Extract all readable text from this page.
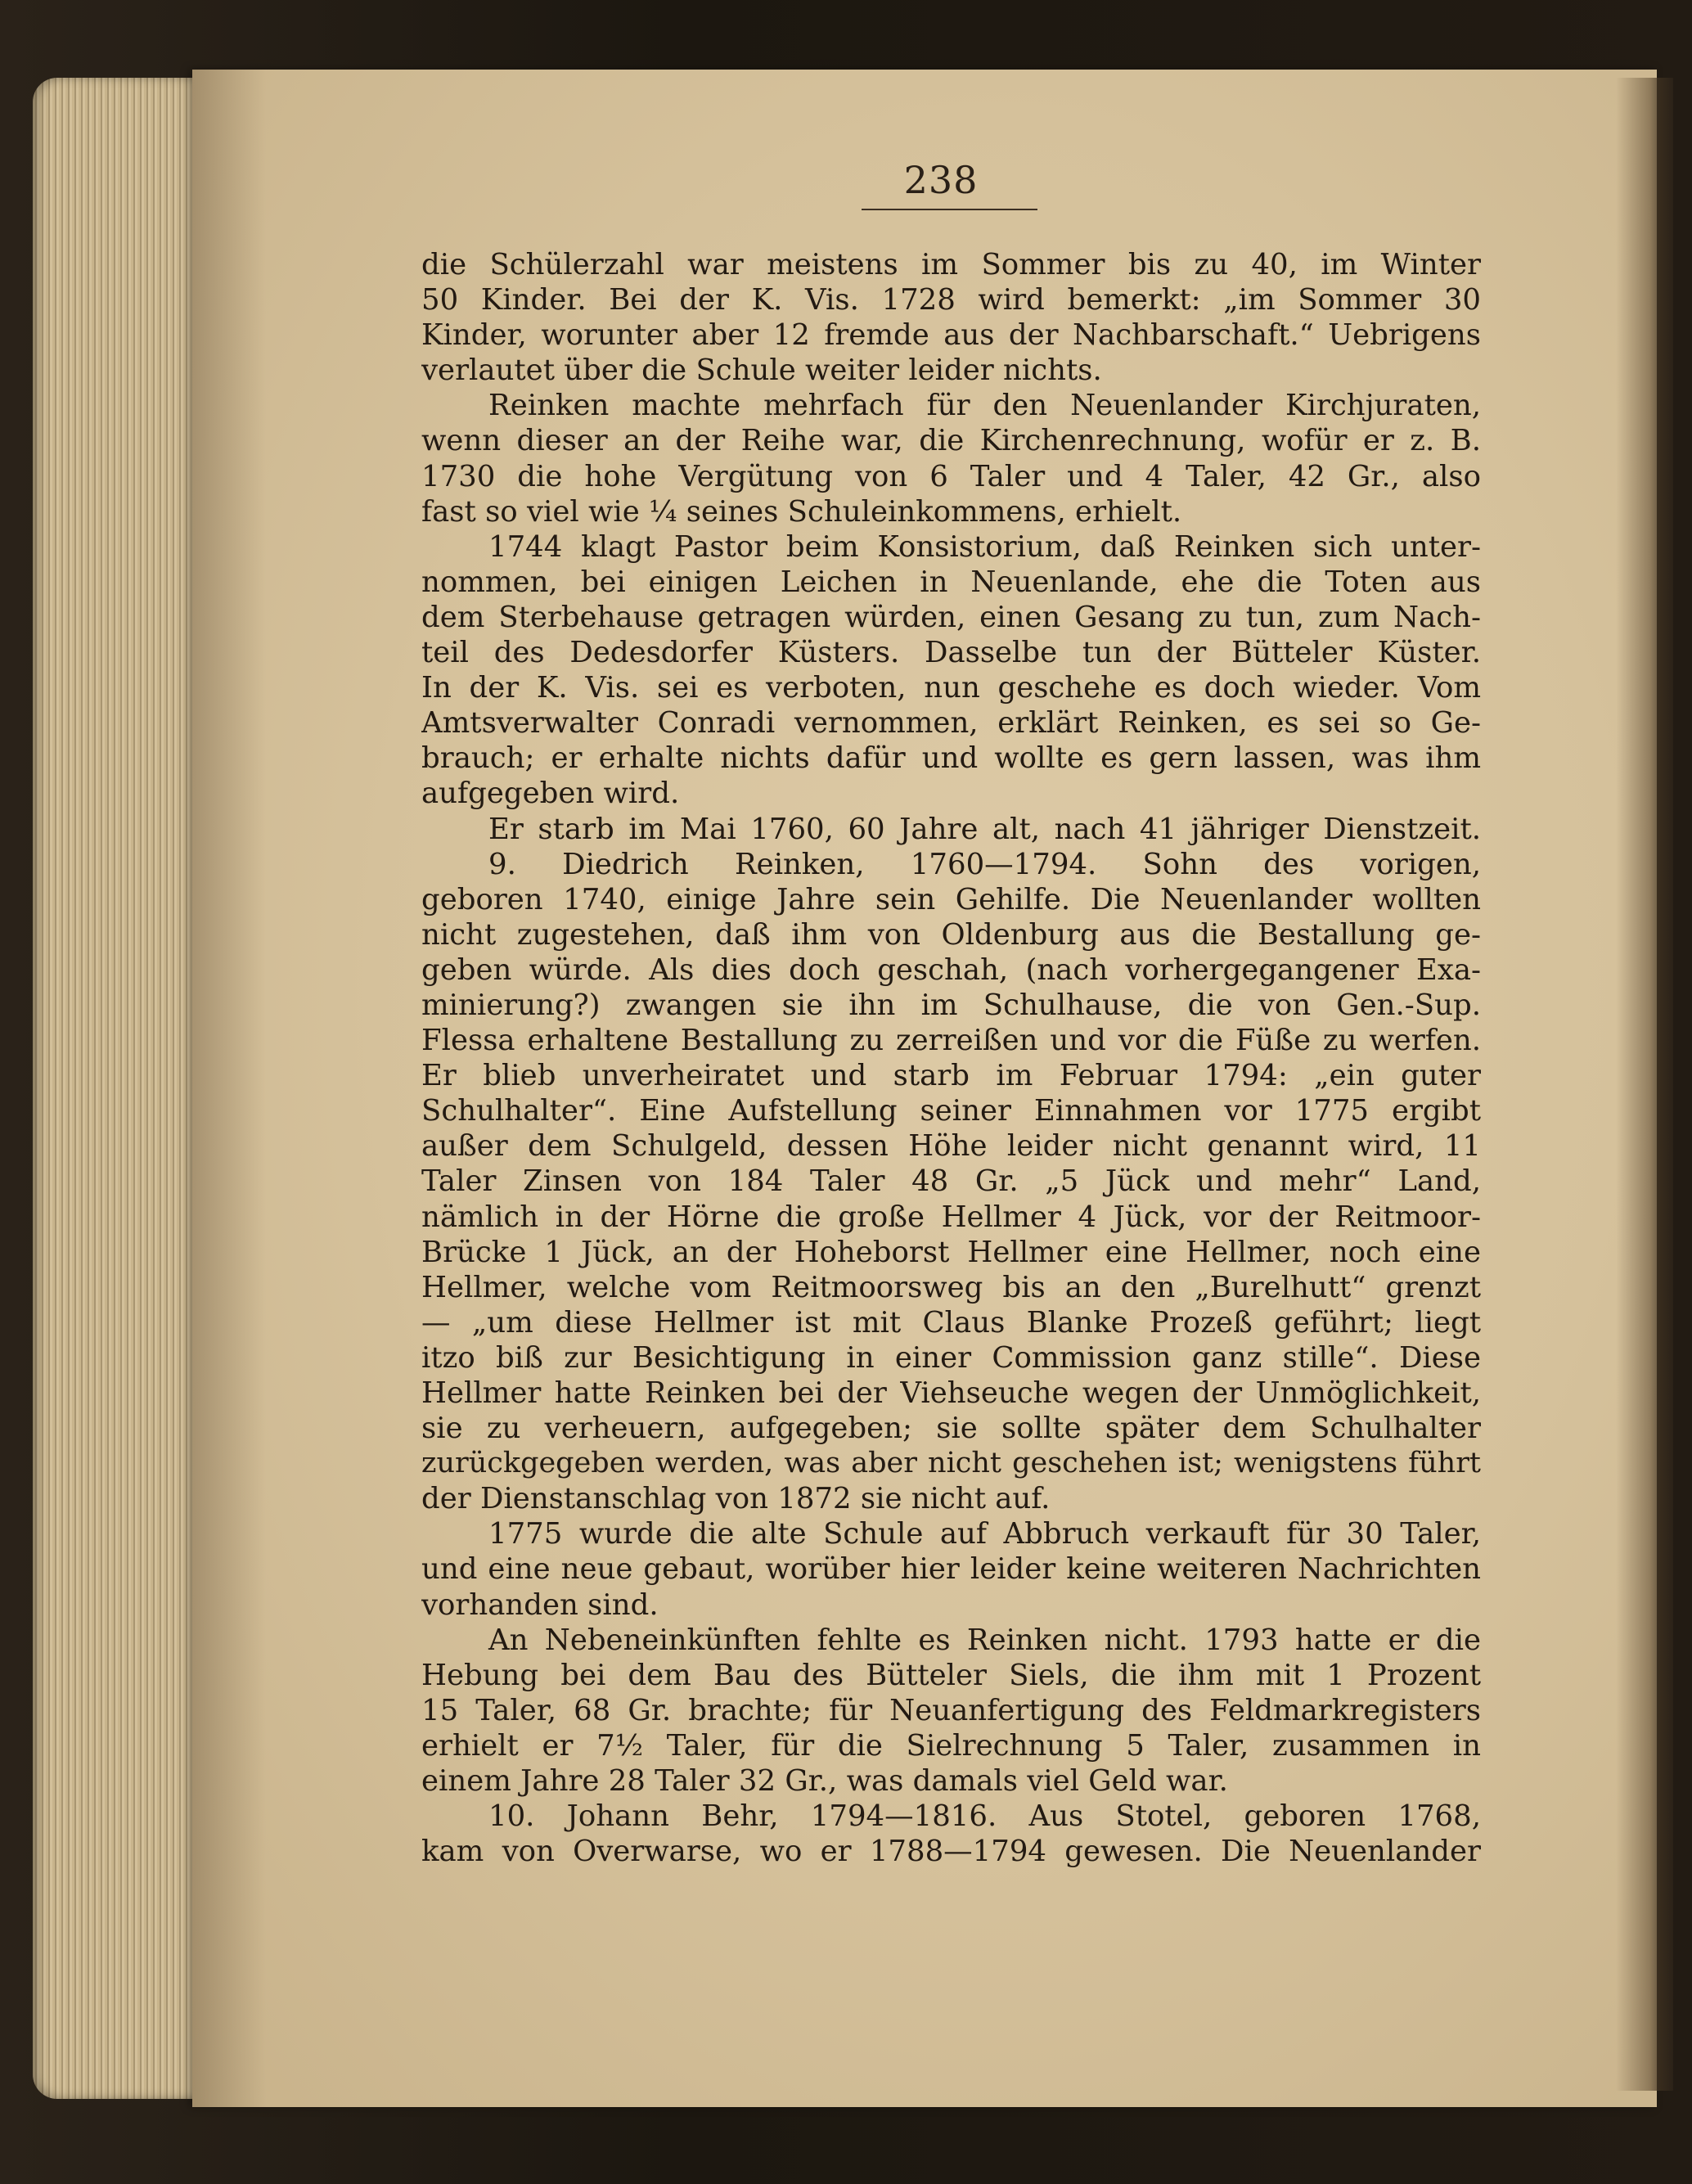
238
die Schülerzahl war meistens im Sommer bis zu 40, im Winter
50 Kinder. Bei der K. Vis. 1728 wird bemerkt: „im Sommer 30
Kinder, worunter aber 12 fremde aus der Nachbarschaft.“ Uebrigens
verlautet über die Schule weiter leider nichts.
Reinken machte mehrfach für den Neuenlander Kirchjuraten,
wenn dieser an der Reihe war, die Kirchenrechnung, wofür er z. B.
1730 die hohe Vergütung von 6 Taler und 4 Taler, 42 Gr., also
fast so viel wie ¼ seines Schuleinkommens, erhielt.
1744 klagt Pastor beim Konsistorium, daß Reinken sich unter-
nommen, bei einigen Leichen in Neuenlande, ehe die Toten aus
dem Sterbehause getragen würden, einen Gesang zu tun, zum Nach-
teil des Dedesdorfer Küsters. Dasselbe tun der Bütteler Küster.
In der K. Vis. sei es verboten, nun geschehe es doch wieder. Vom
Amtsverwalter Conradi vernommen, erklärt Reinken, es sei so Ge-
brauch; er erhalte nichts dafür und wollte es gern lassen, was ihm
aufgegeben wird.
Er starb im Mai 1760, 60 Jahre alt, nach 41 jähriger Dienstzeit.
9. Diedrich Reinken, 1760—1794. Sohn des vorigen,
geboren 1740, einige Jahre sein Gehilfe. Die Neuenlander wollten
nicht zugestehen, daß ihm von Oldenburg aus die Bestallung ge-
geben würde. Als dies doch geschah, (nach vorhergegangener Exa-
minierung?) zwangen sie ihn im Schulhause, die von Gen.-Sup.
Flessa erhaltene Bestallung zu zerreißen und vor die Füße zu werfen.
Er blieb unverheiratet und starb im Februar 1794: „ein guter
Schulhalter“. Eine Aufstellung seiner Einnahmen vor 1775 ergibt
außer dem Schulgeld, dessen Höhe leider nicht genannt wird, 11
Taler Zinsen von 184 Taler 48 Gr. „5 Jück und mehr“ Land,
nämlich in der Hörne die große Hellmer 4 Jück, vor der Reitmoor-
Brücke 1 Jück, an der Hoheborst Hellmer eine Hellmer, noch eine
Hellmer, welche vom Reitmoorsweg bis an den „Burelhutt“ grenzt
— „um diese Hellmer ist mit Claus Blanke Prozeß geführt; liegt
itzo biß zur Besichtigung in einer Commission ganz stille“. Diese
Hellmer hatte Reinken bei der Viehseuche wegen der Unmöglichkeit,
sie zu verheuern, aufgegeben; sie sollte später dem Schulhalter
zurückgegeben werden, was aber nicht geschehen ist; wenigstens führt
der Dienstanschlag von 1872 sie nicht auf.
1775 wurde die alte Schule auf Abbruch verkauft für 30 Taler,
und eine neue gebaut, worüber hier leider keine weiteren Nachrichten
vorhanden sind.
An Nebeneinkünften fehlte es Reinken nicht. 1793 hatte er die
Hebung bei dem Bau des Bütteler Siels, die ihm mit 1 Prozent
15 Taler, 68 Gr. brachte; für Neuanfertigung des Feldmarkregisters
erhielt er 7½ Taler, für die Sielrechnung 5 Taler, zusammen in
einem Jahre 28 Taler 32 Gr., was damals viel Geld war.
10. Johann Behr, 1794—1816. Aus Stotel, geboren 1768,
kam von Overwarse, wo er 1788—1794 gewesen. Die Neuenlander
